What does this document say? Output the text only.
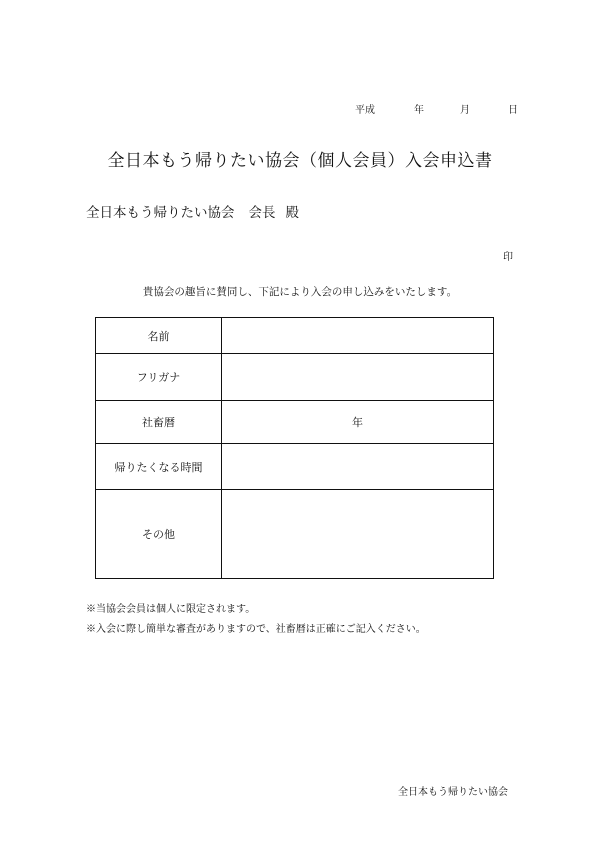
平成	年	月	日
全日本もう帰りたい協会（個人会員）入会申込書
全日本もう帰りたい協会 会長 殿
印
貴協会の趣旨に賛同し、下記により入会の申し込みをいたします。
名前
フリガナ
社畜暦	年
帰りたくなる時間
その他
※当協会会員は個人に限定されます。
※入会に際し簡単な審査がありますので、社畜暦は正確にご記入ください。
全日本もう帰りたい協会
